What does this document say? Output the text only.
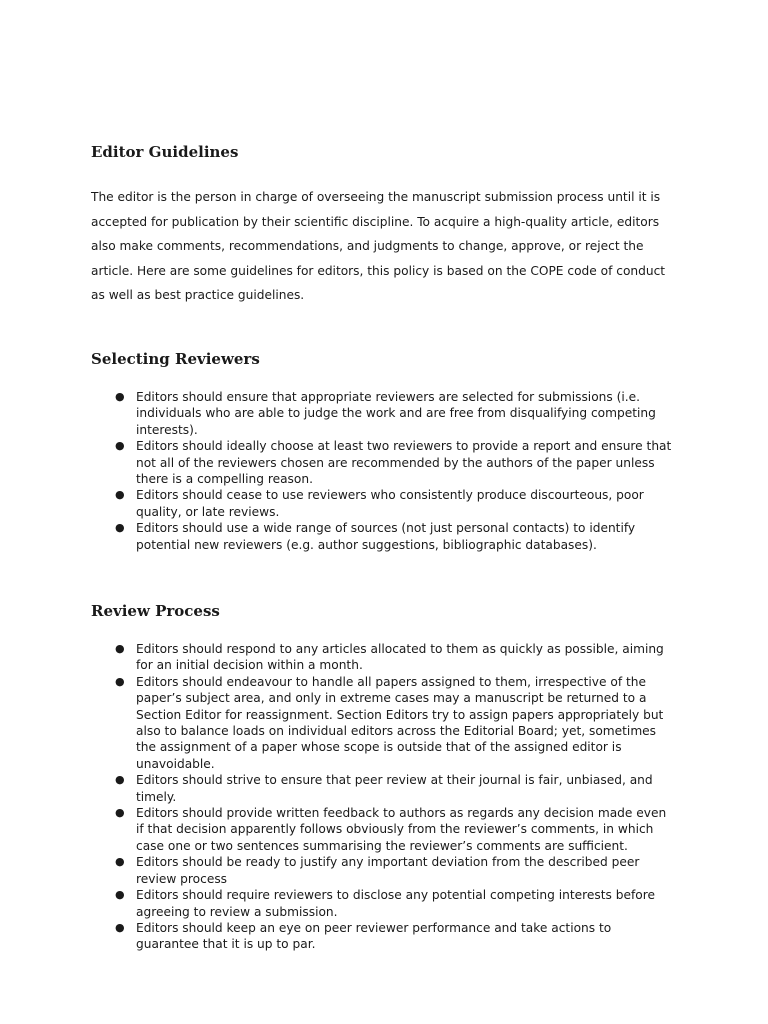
Editor Guidelines

The editor is the person in charge of overseeing the manuscript submission process until it is accepted for publication by their scientific discipline. To acquire a high-quality article, editors also make comments, recommendations, and judgments to change, approve, or reject the article. Here are some guidelines for editors, this policy is based on the COPE code of conduct as well as best practice guidelines.

Selecting Reviewers
● Editors should ensure that appropriate reviewers are selected for submissions (i.e. individuals who are able to judge the work and are free from disqualifying competing interests).
● Editors should ideally choose at least two reviewers to provide a report and ensure that not all of the reviewers chosen are recommended by the authors of the paper unless there is a compelling reason.
● Editors should cease to use reviewers who consistently produce discourteous, poor quality, or late reviews.
● Editors should use a wide range of sources (not just personal contacts) to identify potential new reviewers (e.g. author suggestions, bibliographic databases).
Review Process
● Editors should respond to any articles allocated to them as quickly as possible, aiming for an initial decision within a month.
● Editors should endeavour to handle all papers assigned to them, irrespective of the paper’s subject area, and only in extreme cases may a manuscript be returned to a Section Editor for reassignment. Section Editors try to assign papers appropriately but also to balance loads on individual editors across the Editorial Board; yet, sometimes the assignment of a paper whose scope is outside that of the assigned editor is unavoidable.
● Editors should strive to ensure that peer review at their journal is fair, unbiased, and timely.
● Editors should provide written feedback to authors as regards any decision made even if that decision apparently follows obviously from the reviewer’s comments, in which case one or two sentences summarising the reviewer’s comments are sufficient.
● Editors should be ready to justify any important deviation from the described peer review process
● Editors should require reviewers to disclose any potential competing interests before agreeing to review a submission.
● Editors should keep an eye on peer reviewer performance and take actions to guarantee that it is up to par.
